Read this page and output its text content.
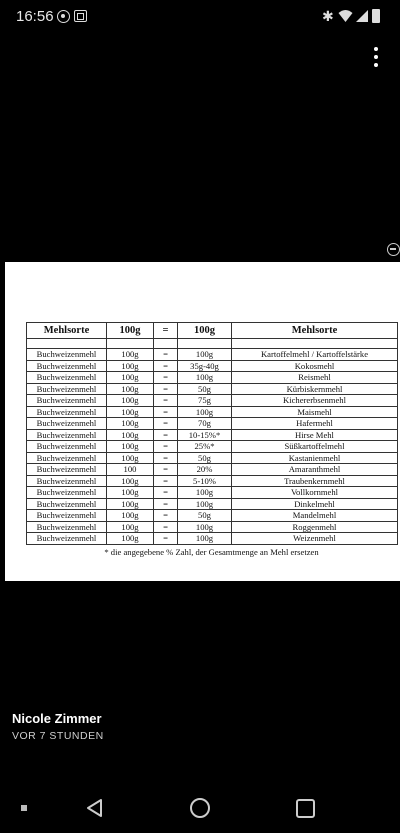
16:56	✱
Mehlsorte	100g	=	100g	Mehlsorte

Buchweizenmehl	100g	=	100g	Kartoffelmehl / Kartoffelstärke
Buchweizenmehl	100g	=	35g-40g	Kokosmehl
Buchweizenmehl	100g	=	100g	Reismehl
Buchweizenmehl	100g	=	50g	Kürbiskernmehl
Buchweizenmehl	100g	=	75g	Kichererbsenmehl
Buchweizenmehl	100g	=	100g	Maismehl
Buchweizenmehl	100g	=	70g	Hafermehl
Buchweizenmehl	100g	=	10-15%*	Hirse Mehl
Buchweizenmehl	100g	=	25%*	Süßkartoffelmehl
Buchweizenmehl	100g	=	50g	Kastanienmehl
Buchweizenmehl	100	=	20%	Amaranthmehl
Buchweizenmehl	100g	=	5-10%	Traubenkernmehl
Buchweizenmehl	100g	=	100g	Vollkornmehl
Buchweizenmehl	100g	=	100g	Dinkelmehl
Buchweizenmehl	100g	=	50g	Mandelmehl
Buchweizenmehl	100g	=	100g	Roggenmehl
Buchweizenmehl	100g	=	100g	Weizenmehl
* die angegebene % Zahl, der Gesamtmenge an Mehl ersetzen
Nicole Zimmer
VOR 7 STUNDEN
